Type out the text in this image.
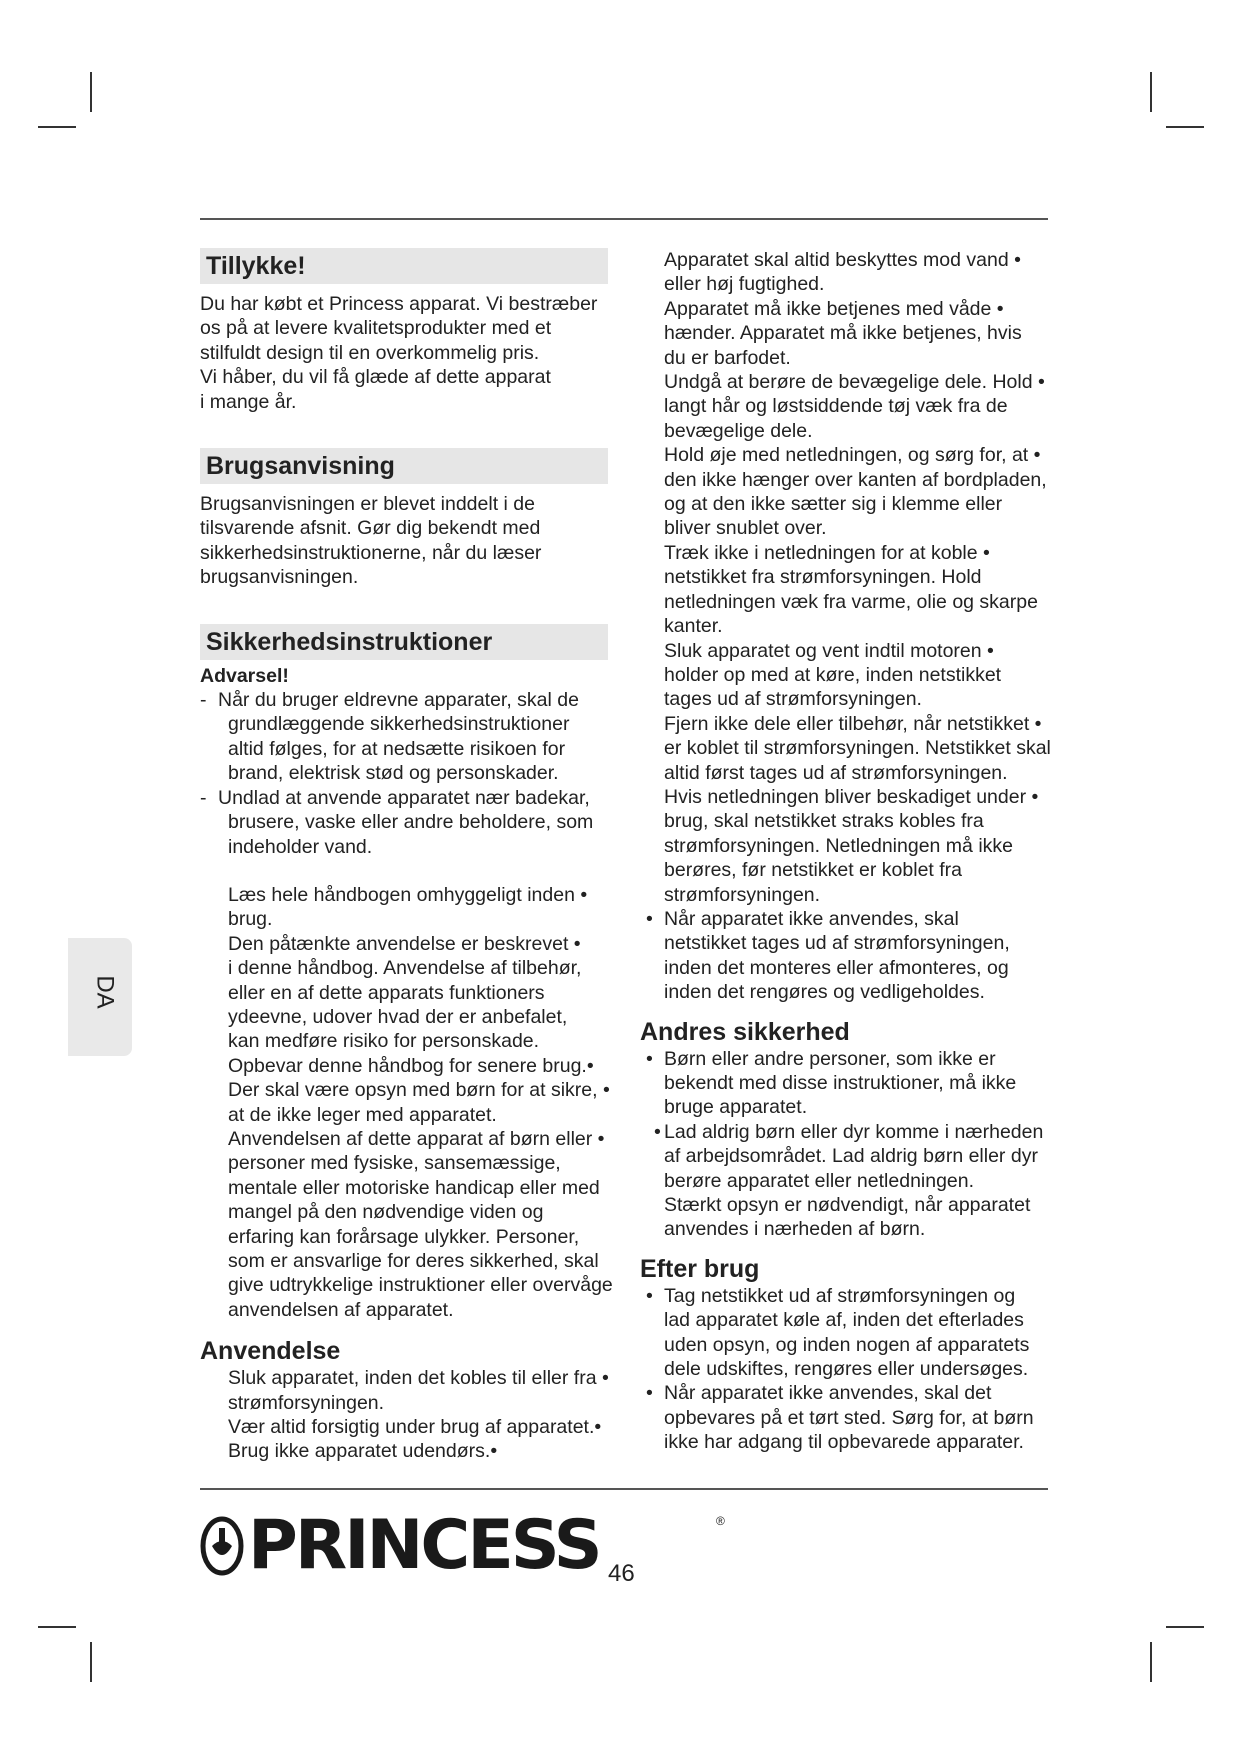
DA
Tillykke!

Du har købt et Princess apparat. Vi bestræber

os på at levere kvalitetsprodukter med et

stilfuldt design til en overkommelig pris.

Vi håber, du vil få glæde af dette apparat

i mange år.

Brugsanvisning

Brugsanvisningen er blevet inddelt i de

tilsvarende afsnit. Gør dig bekendt med

sikkerhedsinstruktionerne, når du læser

brugsanvisningen.

Sikkerhedsinstruktioner

Advarsel!

- Når du bruger eldrevne apparater, skal de

grundlæggende sikkerhedsinstruktioner

altid følges, for at nedsætte risikoen for

brand, elektrisk stød og personskader.

- Undlad at anvende apparatet nær badekar,

brusere, vaske eller andre beholdere, som

indeholder vand.

Læs hele håndbogen omhyggeligt inden •

brug.

Den påtænkte anvendelse er beskrevet •

i denne håndbog. Anvendelse af tilbehør,

eller en af dette apparats funktioners

ydeevne, udover hvad der er anbefalet,

kan medføre risiko for personskade.

Opbevar denne håndbog for senere brug.•

Der skal være opsyn med børn for at sikre, •

at de ikke leger med apparatet.

Anvendelsen af dette apparat af børn eller •

personer med fysiske, sansemæssige,

mentale eller motoriske handicap eller med

mangel på den nødvendige viden og

erfaring kan forårsage ulykker. Personer,

som er ansvarlige for deres sikkerhed, skal

give udtrykkelige instruktioner eller overvåge

anvendelsen af apparatet.

Anvendelse

Sluk apparatet, inden det kobles til eller fra •

strømforsyningen.

Vær altid forsigtig under brug af apparatet.•

Brug ikke apparatet udendørs.•

Apparatet skal altid beskyttes mod vand •

eller høj fugtighed.

Apparatet må ikke betjenes med våde •

hænder. Apparatet må ikke betjenes, hvis

du er barfodet.

Undgå at berøre de bevægelige dele. Hold •

langt hår og løstsiddende tøj væk fra de

bevægelige dele.

Hold øje med netledningen, og sørg for, at •

den ikke hænger over kanten af bordpladen,

og at den ikke sætter sig i klemme eller

bliver snublet over.

Træk ikke i netledningen for at koble •

netstikket fra strømforsyningen. Hold

netledningen væk fra varme, olie og skarpe

kanter.

Sluk apparatet og vent indtil motoren •

holder op med at køre, inden netstikket

tages ud af strømforsyningen.

Fjern ikke dele eller tilbehør, når netstikket •

er koblet til strømforsyningen. Netstikket skal

altid først tages ud af strømforsyningen.

Hvis netledningen bliver beskadiget under •

brug, skal netstikket straks kobles fra

strømforsyningen. Netledningen må ikke

berøres, før netstikket er koblet fra

strømforsyningen.

• Når apparatet ikke anvendes, skal

netstikket tages ud af strømforsyningen,

inden det monteres eller afmonteres, og

inden det rengøres og vedligeholdes.

Andres sikkerhed

• Børn eller andre personer, som ikke er

bekendt med disse instruktioner, må ikke

bruge apparatet.

• Lad aldrig børn eller dyr komme i nærheden

af arbejdsområdet. Lad aldrig børn eller dyr

berøre apparatet eller netledningen.

Stærkt opsyn er nødvendigt, når apparatet

anvendes i nærheden af børn.

Efter brug

• Tag netstikket ud af strømforsyningen og

lad apparatet køle af, inden det efterlades

uden opsyn, og inden nogen af apparatets

dele udskiftes, rengøres eller undersøges.

• Når apparatet ikke anvendes, skal det

opbevares på et tørt sted. Sørg for, at børn

ikke har adgang til opbevarede apparater.

PRINCESS	®
46
